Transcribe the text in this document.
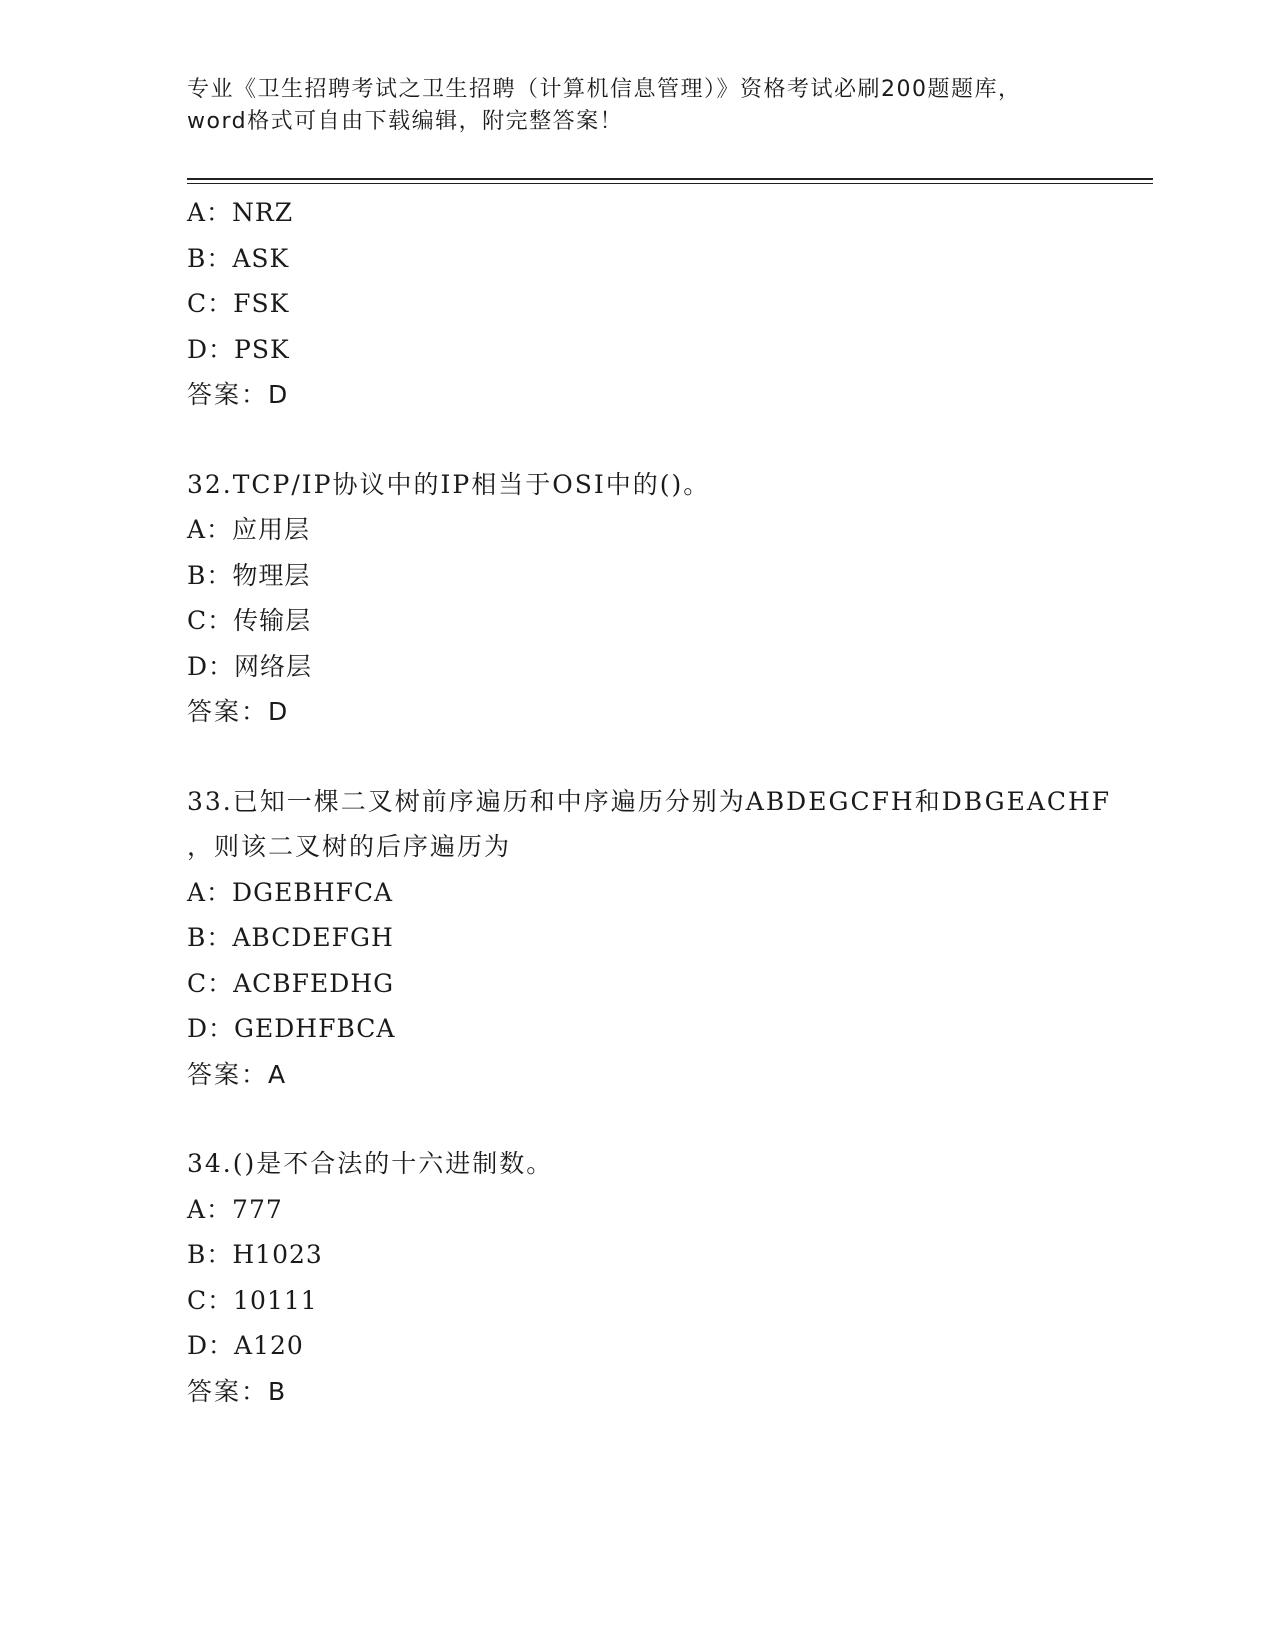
专业《卫生招聘考试之卫生招聘（计算机信息管理）》资格考试必刷200题题库，
word格式可自由下载编辑，附完整答案！
A：NRZ
B：ASK
C：FSK
D：PSK
答案：D
32.TCP/IP协议中的IP相当于OSI中的()。
A：应用层
B：物理层
C：传输层
D：网络层
答案：D
33.已知一棵二叉树前序遍历和中序遍历分别为ABDEGCFH和DBGEACHF
，则该二叉树的后序遍历为
A：DGEBHFCA
B：ABCDEFGH
C：ACBFEDHG
D：GEDHFBCA
答案：A
34.()是不合法的十六进制数。
A：777
B：H1023
C：10111
D：A120
答案：B
